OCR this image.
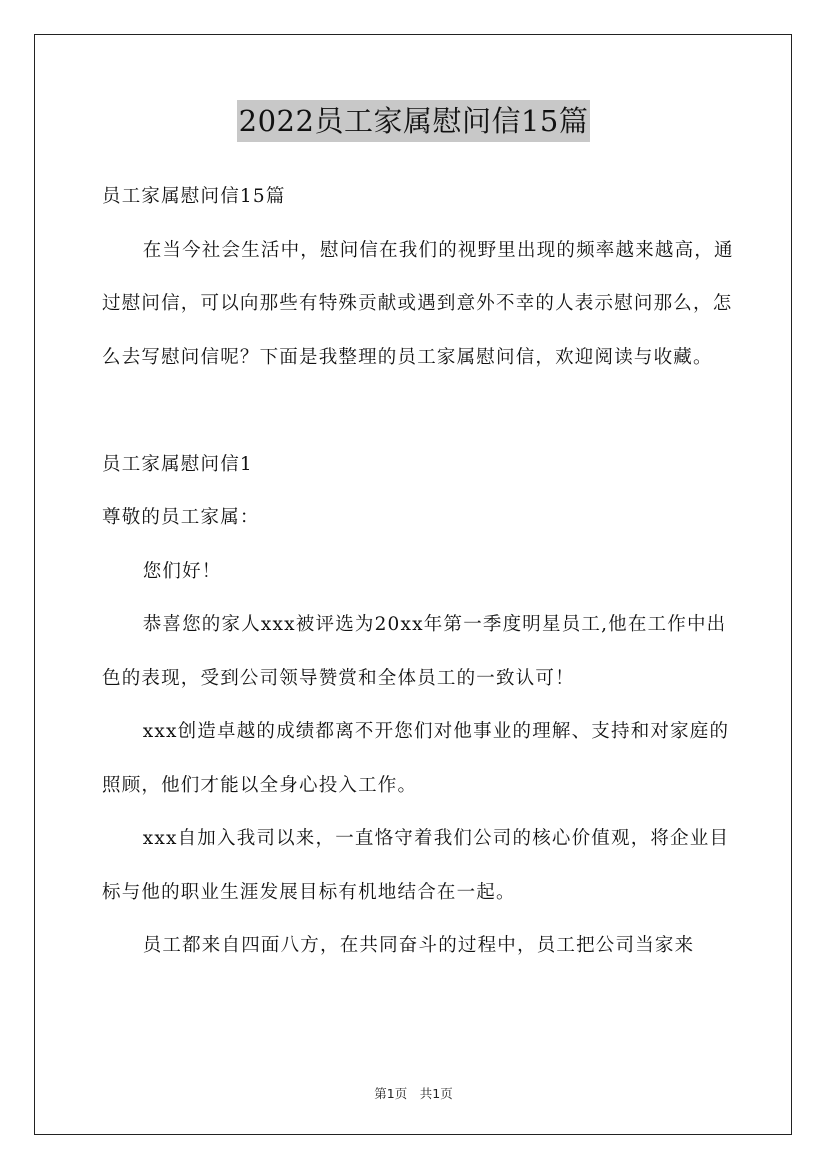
2022员工家属慰问信15篇

员工家属慰问信15篇

在当今社会生活中，慰问信在我们的视野里出现的频率越来越高，通过慰问信，可以向那些有特殊贡献或遇到意外不幸的人表示慰问那么，怎么去写慰问信呢？下面是我整理的员工家属慰问信，欢迎阅读与收藏。

员工家属慰问信1

尊敬的员工家属：

您们好！

恭喜您的家人xxx被评选为20xx年第一季度明星员工,他在工作中出色的表现，受到公司领导赞赏和全体员工的一致认可！

xxx创造卓越的成绩都离不开您们对他事业的理解、支持和对家庭的照顾，他们才能以全身心投入工作。

xxx自加入我司以来，一直恪守着我们公司的核心价值观，将企业目标与他的职业生涯发展目标有机地结合在一起。

员工都来自四面八方，在共同奋斗的过程中，员工把公司当家来

第1页　共1页
